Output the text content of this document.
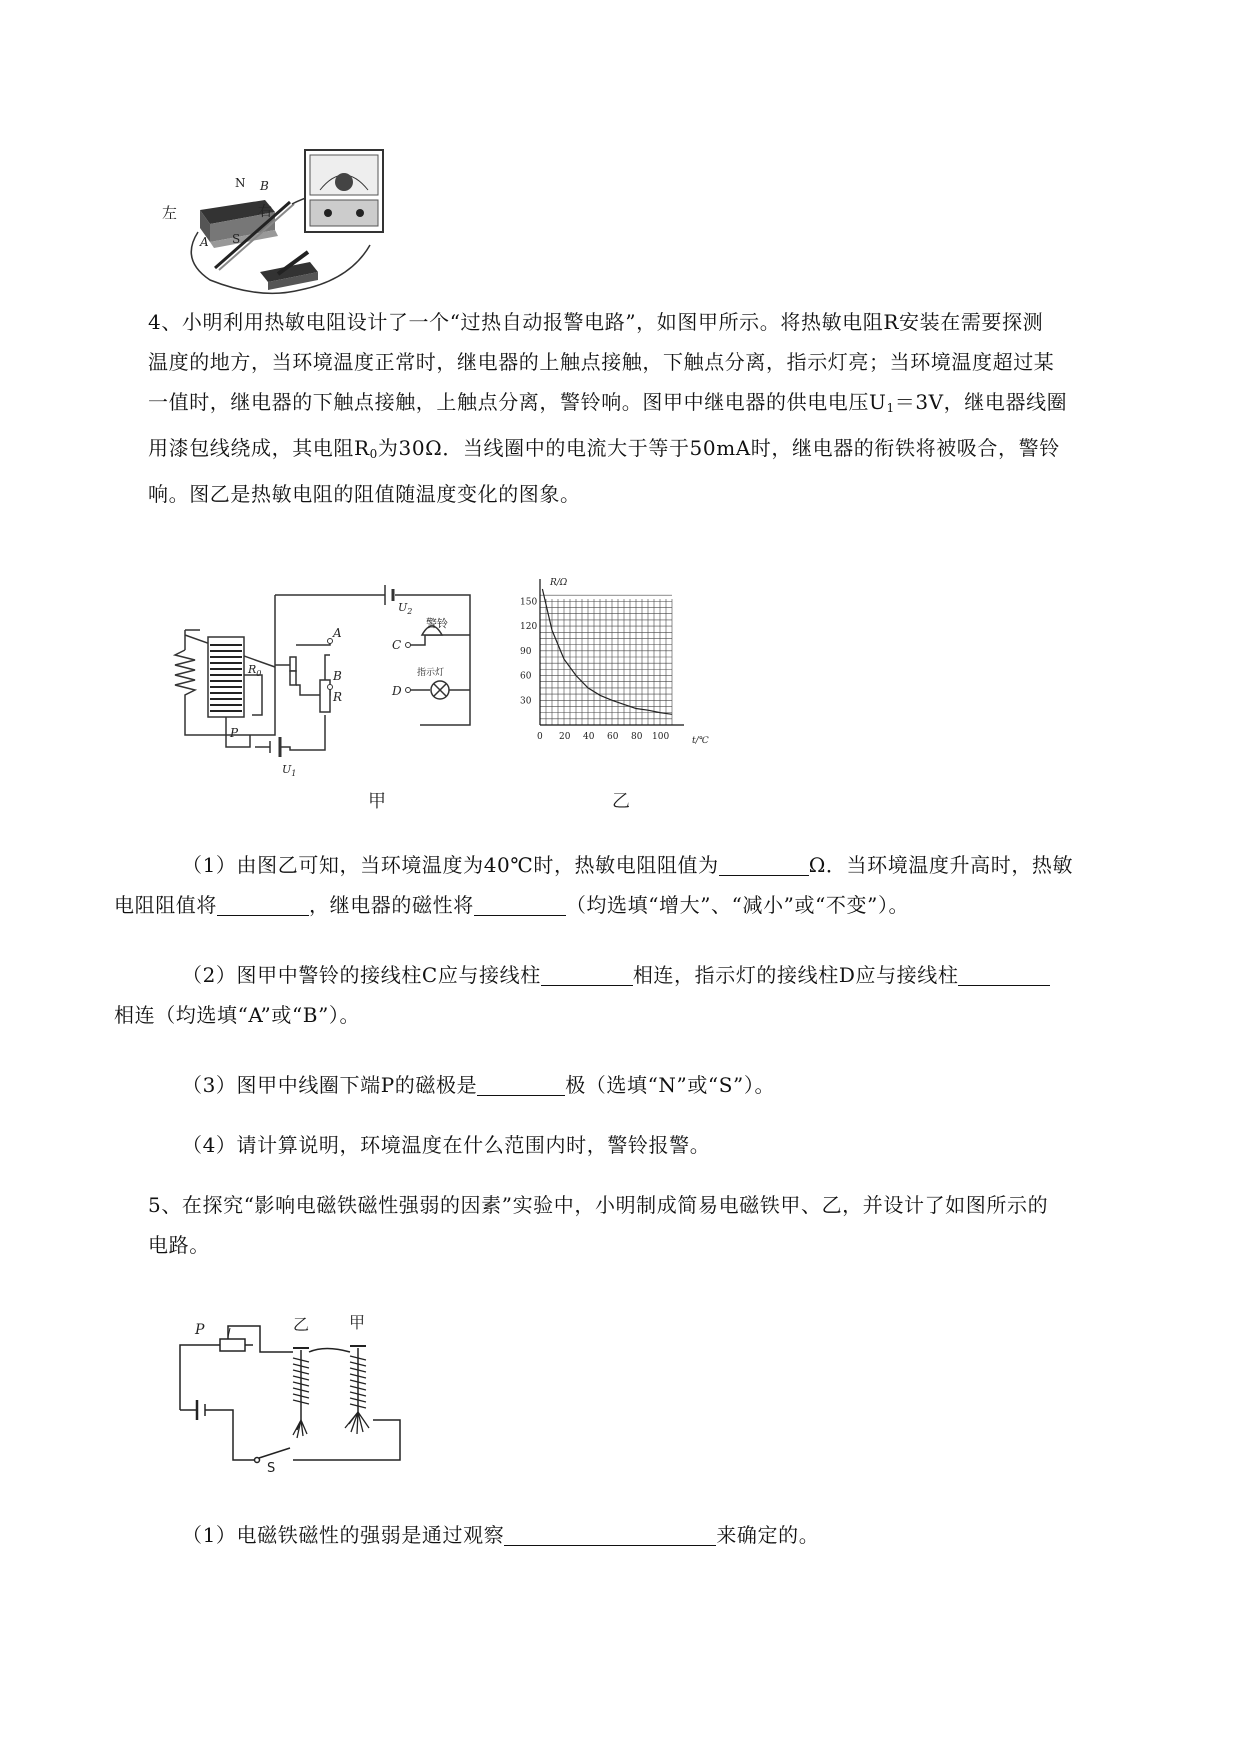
左
N
S
A
B
右
4、小明利用热敏电阻设计了一个“过热自动报警电路”，如图甲所示。将热敏电阻R安装在需要探测
温度的地方，当环境温度正常时，继电器的上触点接触，下触点分离，指示灯亮；当环境温度超过某
一值时，继电器的下触点接触，上触点分离，警铃响。图甲中继电器的供电电压$U_1=3V$，继电器线圈
用漆包线绕成，其电阻$R_0$为30Ω．当线圈中的电流大于等于50mA时，继电器的衔铁将被吸合，警铃
响。图乙是热敏电阻的阻值随温度变化的图象。
$U_2$
A
B
C
D
警铃
指示灯
$R_0$
R
P
$U_1$
甲
0 20 40 60 80 100
30
60
90
120
150
R/Ω
t/℃
乙
（1）由图乙可知，当环境温度为40℃时，热敏电阻阻值为	Ω．当环境温度升高时，热敏
电阻阻值将	，继电器的磁性将	（均选填“增大”、“减小”或“不变”）。
（2）图甲中警铃的接线柱C应与接线柱	相连，指示灯的接线柱D应与接线柱
相连（均选填“A”或“B”）。
（3）图甲中线圈下端P的磁极是	极（选填“N”或“S”）。
（4）请计算说明，环境温度在什么范围内时，警铃报警。
5、在探究“影响电磁铁磁性强弱的因素”实验中，小明制成简易电磁铁甲、乙，并设计了如图所示的
电路。
P	乙 甲
S
（1）电磁铁磁性的强弱是通过观察	来确定的。
